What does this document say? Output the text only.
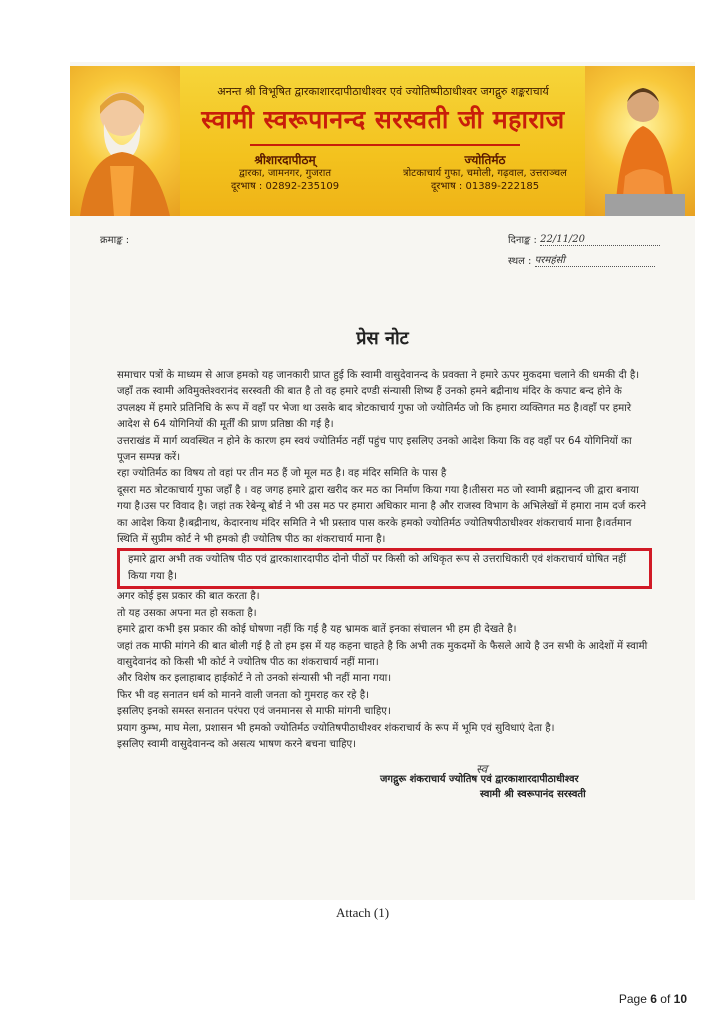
अनन्त श्री विभूषित द्वारकाशारदापीठाधीश्वर एवं ज्योतिष्पीठाधीश्वर जगद्गुरु शङ्कराचार्य
स्वामी स्वरूपानन्द सरस्वती जी महाराज
श्रीशारदापीठम्
द्वारका, जामनगर, गुजरात
दूरभाष : 02892-235109
ज्योतिर्मठ
त्रोटकाचार्य गुफा, चमोली, गढ़वाल, उत्तराञ्चल
दूरभाष : 01389-222185
क्रमाङ्क :	दिनाङ्क : 22/11/20
स्थल : परमहंसी
प्रेस नोट

समाचार पत्रों के माध्यम से आज हमको यह जानकारी प्राप्त हुई कि स्वामी वासुदेवानन्द के प्रवक्ता ने हमारे ऊपर मुकदमा चलाने की धमकी दी है।जहाँ तक स्वामी अविमुक्तेश्वरानंद सरस्वती की बात है तो वह हमारे दण्डी संन्यासी शिष्य हैं उनको हमने बद्रीनाथ मंदिर के कपाट बन्द होने के उपलक्ष्य में हमारे प्रतिनिधि के रूप में वहाँ पर भेजा था उसके बाद त्रोटकाचार्य गुफा जो ज्योतिर्मठ जो कि हमारा व्यक्तिगत मठ है।वहाँ पर हमारे आदेश से 64 योगिनियों की मूर्तीं की प्राण प्रतिष्ठा की गई है।

उत्तराखंड में मार्ग व्यवस्थित न होने के कारण हम स्वयं ज्योतिर्मठ नहीं पहुंच पाए इसलिए उनको आदेश किया कि वह वहाँ पर 64 योगिनियों का पूजन सम्पन्न करें।

रहा ज्योतिर्मठ का विषय तो वहां पर तीन मठ हैं जो मूल मठ है। वह मंदिर समिति के पास है

दूसरा मठ त्रोटकाचार्य गुफा जहाँ है । वह जगह हमारे द्वारा खरीद कर मठ का निर्माण किया गया है।तीसरा मठ जो स्वामी ब्रह्मानन्द जी द्वारा बनाया गया है।उस पर विवाद है। जहां तक रेबेन्यू बोर्ड ने भी उस मठ पर हमारा अधिकार माना है और राजस्व विभाग के अभिलेखों में हमारा नाम दर्ज करने का आदेश किया है।बद्रीनाथ, केदारनाथ मंदिर समिति ने भी प्रस्ताव पास करके हमको ज्योतिर्मठ ज्योतिषपीठाधीश्वर शंकराचार्य माना है।वर्तमान स्थिति में सुप्रीम कोर्ट ने भी हमको ही ज्योतिष पीठ का शंकराचार्य माना है।

हमारे द्वारा अभी तक ज्योतिष पीठ एवं द्वारकाशारदापीठ दोनो पीठों पर किसी को अधिकृत रूप से उत्तराधिकारी एवं शंकराचार्य घोषित नहीं किया गया है।

अगर कोई इस प्रकार की बात करता है।

तो यह उसका अपना मत हो सकता है।

हमारे द्वारा कभी इस प्रकार की कोई घोषणा नहीं कि गई है यह भ्रामक बातें इनका संचालन भी हम ही देखते है।

जहां तक माफी मांगने की बात बोली गई है तो हम इस में यह कहना चाहते है कि अभी तक मुकदमों के फैसले आये है उन सभी के आदेशों में स्वामी वासुदेवानंद को किसी भी कोर्ट ने ज्योतिष पीठ का शंकराचार्य नहीं माना।

और विशेष कर इलाहाबाद हाईकोर्ट ने तो उनको संन्यासी भी नहीं माना गया।

फिर भी वह सनातन धर्म को मानने वाली जनता को गुमराह कर रहे है।

इसलिए इनको समस्त सनातन परंपरा एवं जनमानस से माफी मांगनी चाहिए।

प्रयाग कुम्भ, माघ मेला, प्रशासन भी हमको ज्योतिर्मठ ज्योतिषपीठाधीश्वर शंकराचार्य के रूप में भूमि एवं सुविधाएं देता है।

इसलिए स्वामी वासुदेवानन्द को असत्य भाषण करने बचना चाहिए।

स्व
जगद्गुरू शंकराचार्य ज्योतिष एवं द्वारकाशारदापीठाधीश्वर
स्वामी श्री स्वरूपानंद सरस्वती
Attach (1)
Page 6 of 10
